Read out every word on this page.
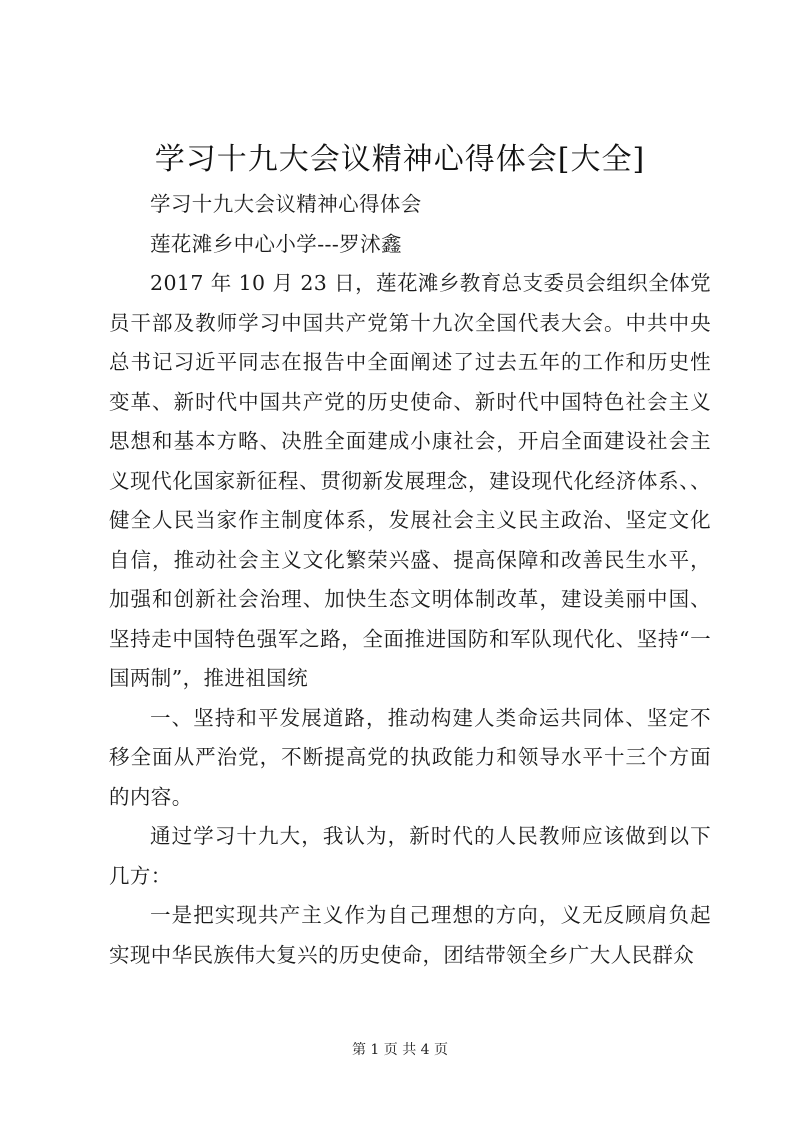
学习十九大会议精神心得体会[大全]

学习十九大会议精神心得体会

莲花滩乡中心小学---罗沭鑫

2017 年 10 月 23 日，莲花滩乡教育总支委员会组织全体党员干部及教师学习中国共产党第十九次全国代表大会。中共中央总书记习近平同志在报告中全面阐述了过去五年的工作和历史性变革、新时代中国共产党的历史使命、新时代中国特色社会主义思想和基本方略、决胜全面建成小康社会，开启全面建设社会主义现代化国家新征程、贯彻新发展理念，建设现代化经济体系、、健全人民当家作主制度体系，发展社会主义民主政治、坚定文化自信，推动社会主义文化繁荣兴盛、提高保障和改善民生水平，加强和创新社会治理、加快生态文明体制改革，建设美丽中国、坚持走中国特色强军之路，全面推进国防和军队现代化、坚持“一国两制”，推进祖国统

一、坚持和平发展道路，推动构建人类命运共同体、坚定不移全面从严治党，不断提高党的执政能力和领导水平十三个方面的内容。

通过学习十九大，我认为，新时代的人民教师应该做到以下几方：

一是把实现共产主义作为自己理想的方向，义无反顾肩负起实现中华民族伟大复兴的历史使命，团结带领全乡广大人民群众

第 1 页 共 4 页
